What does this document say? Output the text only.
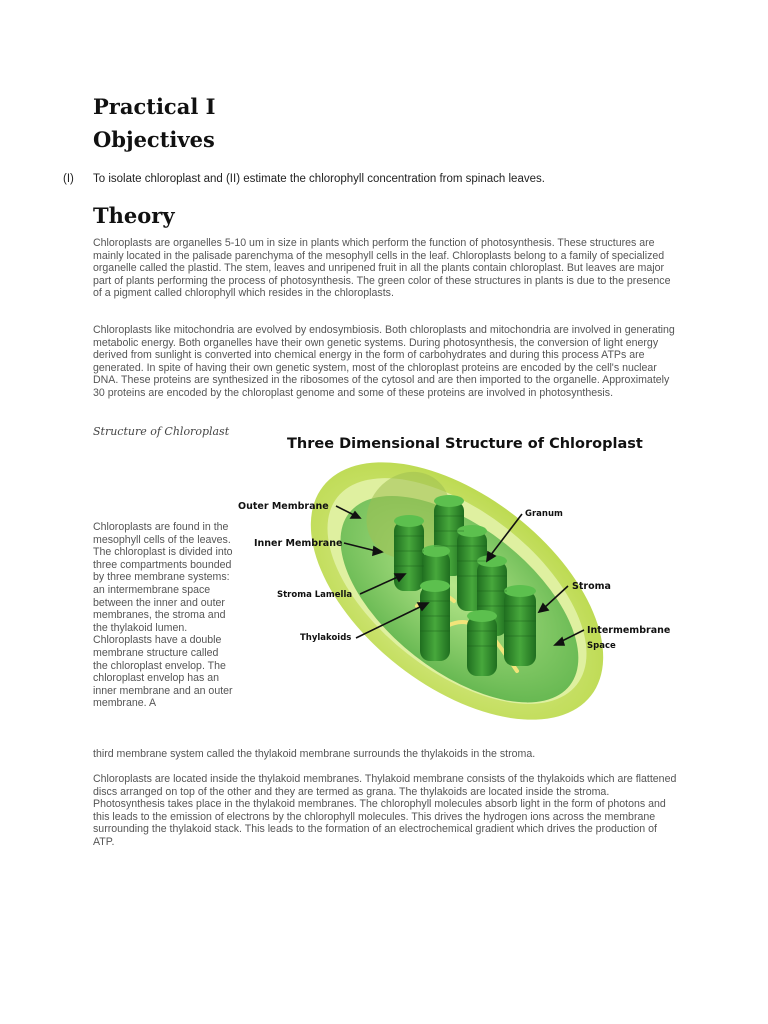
Practical I
Objectives
(I) To isolate chloroplast and (II) estimate the chlorophyll concentration from spinach leaves.
Theory

Chloroplasts are organelles 5-10 um in size in plants which perform the function of photosynthesis. These structures are mainly located in the palisade parenchyma of the mesophyll cells in the leaf. Chloroplasts belong to a family of specialized organelle called the plastid. The stem, leaves and unripened fruit in all the plants contain chloroplast. But leaves are major part of plants performing the process of photosynthesis. The green color of these structures in plants is due to the presence of a pigment called chlorophyll which resides in the chloroplasts.

Chloroplasts like mitochondria are evolved by endosymbiosis. Both chloroplasts and mitochondria are involved in generating metabolic energy. Both organelles have their own genetic systems. During photosynthesis, the conversion of light energy derived from sunlight is converted into chemical energy in the form of carbohydrates and during this process ATPs are generated. In spite of having their own genetic system, most of the chloroplast proteins are encoded by the cell's nuclear DNA. These proteins are synthesized in the ribosomes of the cytosol and are then imported to the organelle. Approximately 30 proteins are encoded by the chloroplast genome and some of these proteins are involved in photosynthesis.

Structure of Chloroplast

Chloroplasts are found in the mesophyll cells of the leaves. The chloroplast is divided into three compartments bounded by three membrane systems: an intermembrane space between the inner and outer membranes, the stroma and the thylakoid lumen. Chloroplasts have a double membrane structure called the chloroplast envelop. The chloroplast envelop has an inner membrane and an outer membrane. A

Three Dimensional Structure of Chloroplast
Outer Membrane
Inner Membrane
Stroma Lamella
Thylakoids
Granum
Stroma
Intermembrane
Space
third membrane system called the thylakoid membrane surrounds the thylakoids in the stroma.

Chloroplasts are located inside the thylakoid membranes. Thylakoid membrane consists of the thylakoids which are flattened discs arranged on top of the other and they are termed as grana. The thylakoids are located inside the stroma. Photosynthesis takes place in the thylakoid membranes. The chlorophyll molecules absorb light in the form of photons and this leads to the emission of electrons by the chlorophyll molecules. This drives the hydrogen ions across the membrane surrounding the thylakoid stack. This leads to the formation of an electrochemical gradient which drives the production of ATP.
